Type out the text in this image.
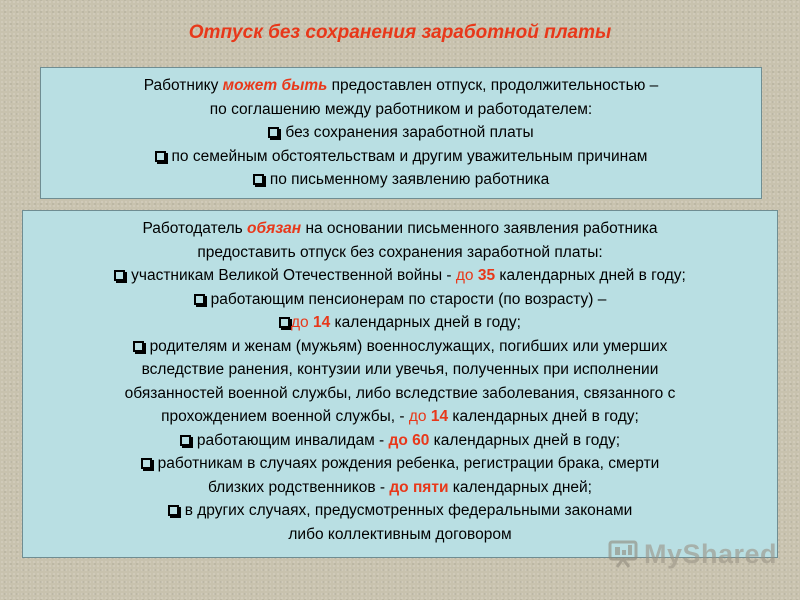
Отпуск без сохранения заработной платы
Работнику может быть предоставлен отпуск, продолжительностью –
по соглашению между работником и работодателем:
без сохранения заработной платы
по семейным обстоятельствам и другим уважительным причинам
по письменному заявлению работника
Работодатель обязан на основании письменного заявления работника
предоставить отпуск без сохранения заработной платы:
участникам Великой Отечественной войны - до 35 календарных дней в году;
работающим пенсионерам по старости (по возрасту) –
до 14 календарных дней в году;
родителям и женам (мужьям) военнослужащих, погибших или умерших
вследствие ранения, контузии или увечья, полученных при исполнении
обязанностей военной службы, либо вследствие заболевания, связанного с
прохождением военной службы, - до 14 календарных дней в году;
работающим инвалидам - до 60 календарных дней в году;
работникам в случаях рождения ребенка, регистрации брака, смерти
близких родственников - до пяти календарных дней;
в других случаях, предусмотренных федеральными законами
либо коллективным договором
MyShared
